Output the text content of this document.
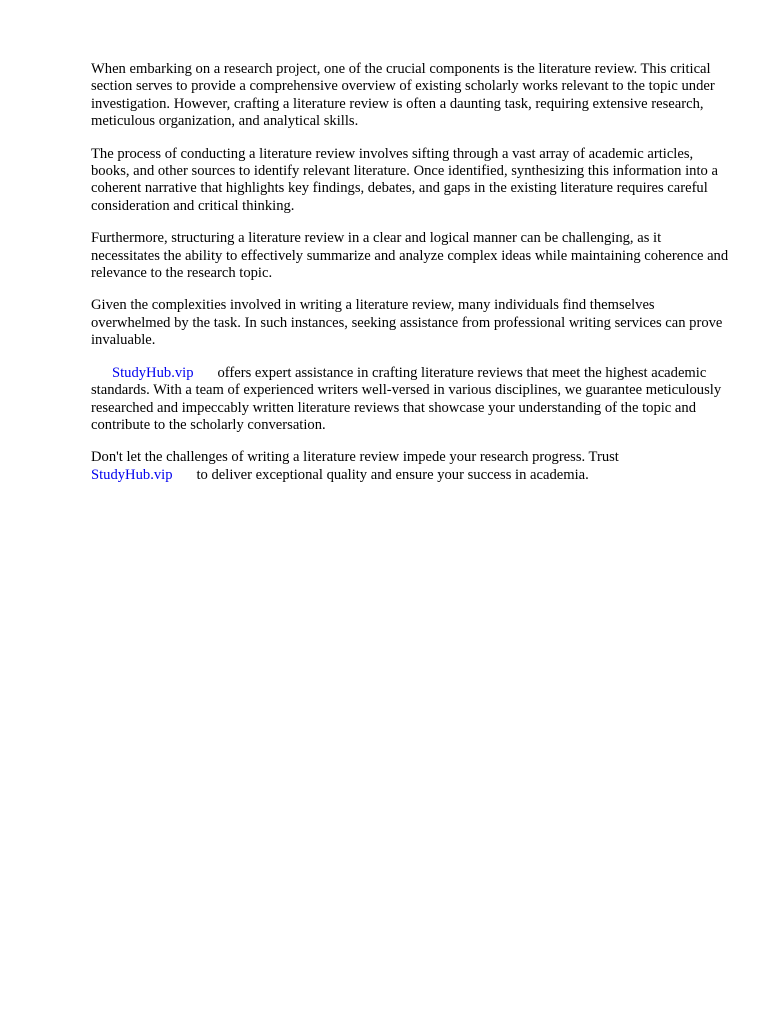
When embarking on a research project, one of the crucial components is the literature review. This critical section serves to provide a comprehensive overview of existing scholarly works relevant to the topic under investigation. However, crafting a literature review is often a daunting task, requiring extensive research, meticulous organization, and analytical skills.

The process of conducting a literature review involves sifting through a vast array of academic articles, books, and other sources to identify relevant literature. Once identified, synthesizing this information into a coherent narrative that highlights key findings, debates, and gaps in the existing literature requires careful consideration and critical thinking.

Furthermore, structuring a literature review in a clear and logical manner can be challenging, as it necessitates the ability to effectively summarize and analyze complex ideas while maintaining coherence and relevance to the research topic.

Given the complexities involved in writing a literature review, many individuals find themselves overwhelmed by the task. In such instances, seeking assistance from professional writing services can prove invaluable.

StudyHub.vip offers expert assistance in crafting literature reviews that meet the highest academic standards. With a team of experienced writers well-versed in various disciplines, we guarantee meticulously researched and impeccably written literature reviews that showcase your understanding of the topic and contribute to the scholarly conversation.

Don't let the challenges of writing a literature review impede your research progress. Trust
StudyHub.vip to deliver exceptional quality and ensure your success in academia.
